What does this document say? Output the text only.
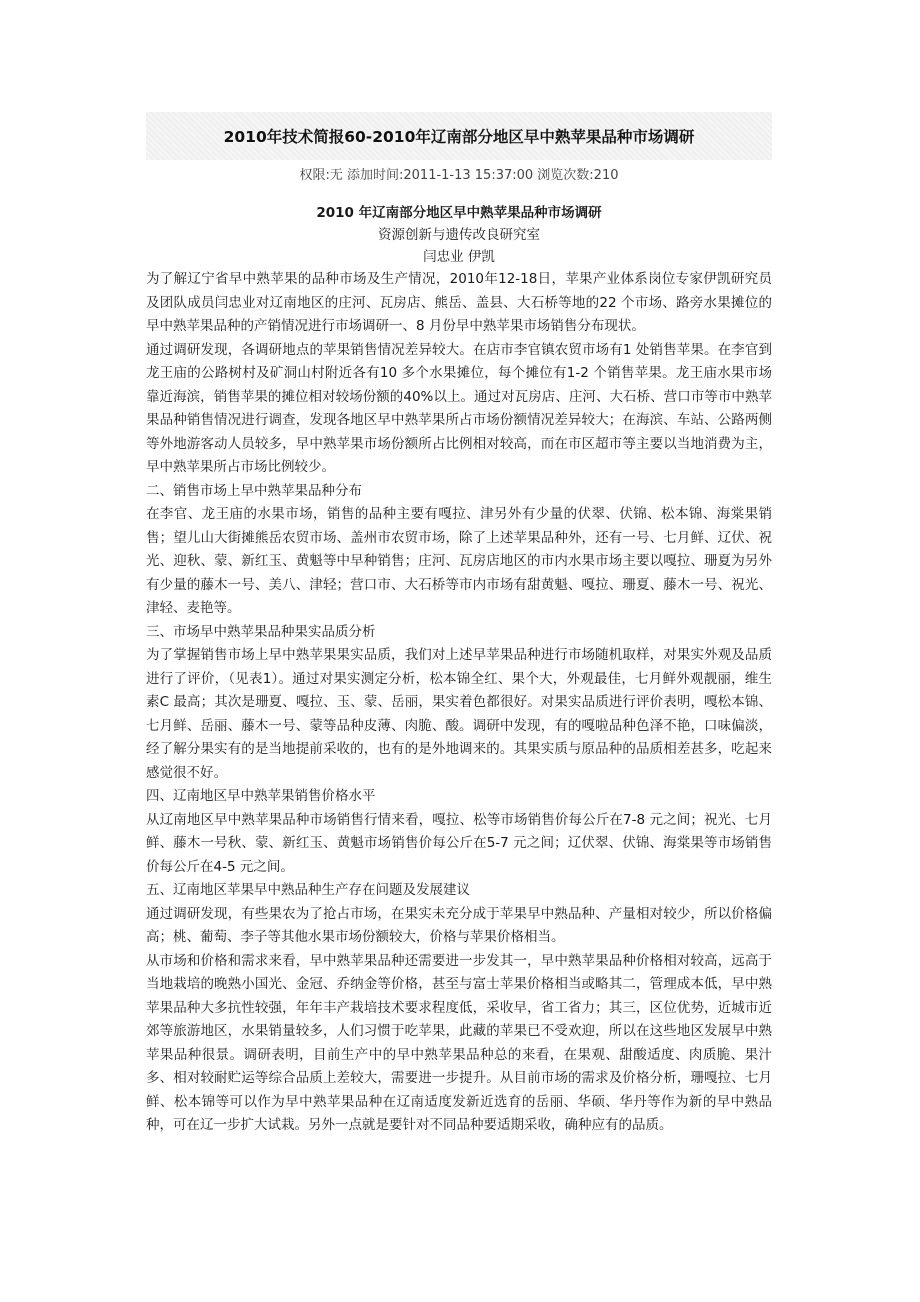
2010年技术简报60-2010年辽南部分地区早中熟苹果品种市场调研
权限:无 添加时间:2011-1-13 15:37:00 浏览次数:210
2010 年辽南部分地区早中熟苹果品种市场调研
资源创新与遗传改良研究室
闫忠业 伊凯

为了解辽宁省早中熟苹果的品种市场及生产情况，2010年12-18日，苹果产业体系岗位专家伊凯研究员及团队成员闫忠业对辽南地区的庄河、瓦房店、熊岳、盖县、大石桥等地的22 个市场、路旁水果摊位的早中熟苹果品种的产销情况进行市场调研一、8 月份早中熟苹果市场销售分布现状。

通过调研发现，各调研地点的苹果销售情况差异较大。在店市李官镇农贸市场有1 处销售苹果。在李官到龙王庙的公路树村及矿洞山村附近各有10 多个水果摊位，每个摊位有1-2 个销售苹果。龙王庙水果市场靠近海滨，销售苹果的摊位相对较场份额的40%以上。通过对瓦房店、庄河、大石桥、营口市等市中熟苹果品种销售情况进行调查，发现各地区早中熟苹果所占市场份额情况差异较大；在海滨、车站、公路两侧等外地游客动人员较多，早中熟苹果市场份额所占比例相对较高，而在市区超市等主要以当地消费为主，早中熟苹果所占市场比例较少。

二、销售市场上早中熟苹果品种分布

在李官、龙王庙的水果市场，销售的品种主要有嘎拉、津另外有少量的伏翠、伏锦、松本锦、海棠果销售；望儿山大街摊熊岳农贸市场、盖州市农贸市场，除了上述苹果品种外，还有一号、七月鲜、辽伏、祝光、迎秋、蒙、新红玉、黄魁等中早种销售；庄河、瓦房店地区的市内水果市场主要以嘎拉、珊夏为另外有少量的藤木一号、美八、津轻；营口市、大石桥等市内市场有甜黄魁、嘎拉、珊夏、藤木一号、祝光、津轻、麦艳等。

三、市场早中熟苹果品种果实品质分析

为了掌握销售市场上早中熟苹果果实品质，我们对上述早苹果品种进行市场随机取样，对果实外观及品质进行了评价，（见表1）。通过对果实测定分析，松本锦全红、果个大，外观最佳，七月鲜外观靓丽，维生素C 最高；其次是珊夏、嘎拉、玉、蒙、岳丽，果实着色都很好。对果实品质进行评价表明，嘎松本锦、七月鲜、岳丽、藤木一号、蒙等品种皮薄、肉脆、酸。调研中发现，有的嘎啦品种色泽不艳，口味偏淡，经了解分果实有的是当地提前采收的，也有的是外地调来的。其果实质与原品种的品质相差甚多，吃起来感觉很不好。

四、辽南地区早中熟苹果销售价格水平

从辽南地区早中熟苹果品种市场销售行情来看，嘎拉、松等市场销售价每公斤在7-8 元之间；祝光、七月鲜、藤木一号秋、蒙、新红玉、黄魁市场销售价每公斤在5-7 元之间；辽伏翠、伏锦、海棠果等市场销售价每公斤在4-5 元之间。

五、辽南地区苹果早中熟品种生产存在问题及发展建议

通过调研发现，有些果农为了抢占市场，在果实未充分成于苹果早中熟品种、产量相对较少，所以价格偏高；桃、葡萄、李子等其他水果市场份额较大，价格与苹果价格相当。

从市场和价格和需求来看，早中熟苹果品种还需要进一步发其一，早中熟苹果品种价格相对较高，远高于当地栽培的晚熟小国光、金冠、乔纳金等价格，甚至与富士苹果价格相当或略其二，管理成本低，早中熟苹果品种大多抗性较强，年年丰产栽培技术要求程度低，采收早，省工省力；其三，区位优势，近城市近郊等旅游地区，水果销量较多，人们习惯于吃苹果，此藏的苹果已不受欢迎，所以在这些地区发展早中熟苹果品种很景。调研表明，目前生产中的早中熟苹果品种总的来看，在果观、甜酸适度、肉质脆、果汁多、相对较耐贮运等综合品质上差较大，需要进一步提升。从目前市场的需求及价格分析，珊嘎拉、七月鲜、松本锦等可以作为早中熟苹果品种在辽南适度发新近选育的岳丽、华硕、华丹等作为新的早中熟品种，可在辽一步扩大试栽。另外一点就是要针对不同品种要适期采收，确种应有的品质。
